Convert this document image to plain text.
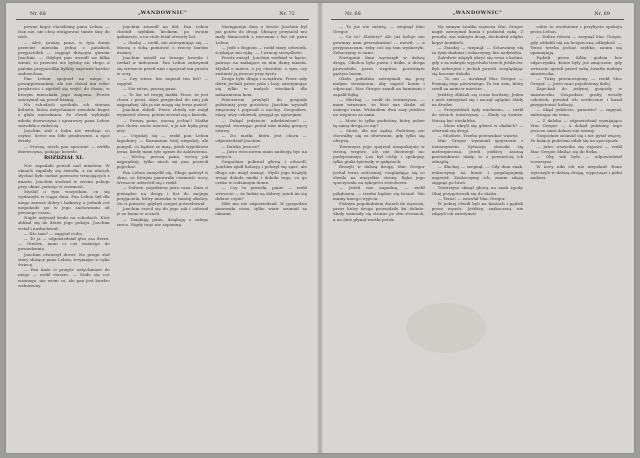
Nr. 68	„WANDOWNIC"	Nr. 72

pewne kupić chcieliśmy panu Lebon. — Dan nie, nie chcę wstępować tamte śmy do nich.

— Ależ, proszę pana, w tym domu przecież mieszka jedna z pańskich przyjaciółek — ciągnął drżącym głosem Joachim. — Gdybyś pan wszedł na kilka minut, to przecież nie byłoby nic złego, a pańska przyjaciółka byłaby zapewne bardzo zadowolona.

Pan Lebon spojrzał na niego z powątpiewaniem, ale nie chciał mu robić przykrości i zgodził się wejść do domu, w którym mieszkała jego znajoma. Powóz zatrzymał się przed bramą.

Na schodach spotkała ich starsza kobieta, która natychmiast zawołała kogoś z głębi mieszkania. Po chwili wybiegła młoda dziewczyna i ujrzawszy pana Lebon zawołała z radością.

Joachim stał z boku nie wiedząc co czynić. Serce mu biło gwałtownie, a ręce drżały.

— Proszę, niech pan spocznie — rzekła dziewczyna, podając krzesło.

ROZDZIAŁ XI.

Noc zapadała powoli nad miastem. W oknach zapalały się światła, a na ulicach słychać było turkot powozów wracających z miasta. Joachim siedział w swoim pokoju przy oknie, patrząc w ciemność.

Myślał o tym wszystkim, co się wydarzyło w ciągu dnia. Pan Lebon był dla niego zawsze dobry i łaskawy, a jednak coś niepokoiło go w jego zachowaniu od pewnego czasu.

Nagle usłyszał kroki na schodach. Ktoś zbliżał się do drzwi jego pokoju. Joachim wstał i nasłuchiwał.

— Kto tam? — zapytał cicho.

— To ja — odpowiedział głos zza drzwi. — Otwórz, mam ci coś ważnego do powiedzenia.

Joachim otworzył drzwi. Na progu stał stary służący pana Lebon, trzymając w ręku świecę.

— Pan każe ci przyjść natychmiast do niego — rzekł starzec. — Stało się coś ważnego, nie wiem co, ale pan jest bardzo wzburzony.

Joachim zeszedł na dół. Pan Lebon chodził szybkim krokiem po swoim gabinecie, a na stole leżał otwarty list.

— Siadaj — rzekł, nie zatrzymując się. — Muszę z tobą pomówić o rzeczy bardzo ważnej.

Joachim usiadł na brzegu krzesła i czekał w milczeniu. Pan Lebon zatrzymał się wreszcie przed nim i spojrzał mu prosto w oczy.

— Czy wiesz, kto napisał ten list? — zapytał.

— Nie wiem, proszę pana.

— To list od twojej matki. Pisze, że jest chora i prosi, abyś przyjechał do niej jak najprędzej. Ale ja nie mogę cię teraz puścić.

Joachim zbladł. Przez chwilę nie mógł wymówić słowa, potem zerwał się z krzesła.

— Proszę pana, muszę jechać! Matka jest chora, może umrzeć, a ja nie będę przy niej!

— Uspokój się — rzekł pan Lebon łagodniej. — Rozumiem twój niepokój, ale pomyśl, co będzie ze mną, jeżeli wyjedziesz teraz, kiedy mam tyle spraw do załatwienia.

— Wrócę, proszę pana, wrócę jak najprędzej, tylko niech mi pan pozwoli pojechać.

Pan Lebon zamyślił się. Długo patrzył w okno, za którym panowała ciemność nocy. Wreszcie odwrócił się i rzekł:

— Dobrze, pojedziesz jutro rano. Dam ci pieniądze na drogę i list do mojego przyjaciela, który mieszka w tamtej okolicy. On ci pomoże, gdybyś czegoś potrzebował.

Joachim rzucił się do jego rąk i całował je ze łzami w oczach.

— Dziękuję panu, dziękuję z całego serca. Nigdy tego nie zapomnę.

Następnego dnia o świcie Joachim był już gotów do drogi. Służący przyniósł mu mały tłumoczek z rzeczami i list od pana Lebon.

— Jedź z Bogiem — rzekł stary człowiek, ściskając mu rękę. — I wracaj szczęśliwie.

Powóz ruszył. Joachim siedział w kącie, patrząc na znikające za nim domy miasta. Myślał o matce, o jej chorobie, o tym, czy zastanie ją jeszcze przy życiu.

Droga była długa i uciążliwa. Przez cały dzień jechali przez pola i lasy, zatrzymując się tylko w małych wioskach dla nakarmienia koni.

Wieczorem przybyli do gospody położonej przy gościńcu. Joachim wysiadł zmęczony i poprosił o nocleg. Gospodarz, stary, siwy człowiek, przyjął go uprzejmie.

— Dokąd jedziecie, młodzieńcze? — zapytał, stawiając przed nim miskę gorącej strawy.

— Do matki, która jest chora — odpowiedział Joachim.

— Daleko jeszcze?

— Jutro wieczorem mam nadzieję być na miejscu.

Gospodarz pokiwał głową i odszedł. Joachim zjadł kolację i położył się spać, ale długo nie mógł zasnąć. Myśli jego krążyły wciąż dokoła matki i dokoła tego, co go czeka w rodzinnym domu.

— Czy to prawda, panie — rzekł wreszcie — że ludzie są dobrzy, jeżeli im się dobrze czyni?

Nikt mu nie odpowiedział. W gospodzie panowała cisza, tylko wiatr szumiał za oknami.

Nr. 68	„WANDOWNIC"	Nr. 69

— To już nie mówię, — szepnął Mac Gregor.

— Co to? Slattery? Ale już koleje nie powinny nam przeszkadzać — mówił, — a przypuszczam, żeby coś się tam wydarzyło. Zobaczymy to sami.

Następnie dnia wyruszyli w dalszą drogę. Okolica była pusta i dzika, a droga prowadziła przez wzgórza porośnięte gęstym lasem.

Około południa zatrzymali się przy małym strumieniu, aby napoić konie i odpocząć. Mac Gregor usiadł na kamieniu i zapalił fajkę.

— Słuchaj, — rzekł do towarzysza, — mam wrażenie, że ktoś nas śledzi od samego rana. Widziałem dwa razy jeźdźca na wzgórzu za nami.

— Może to tylko podróżny, który jedzie tą samą drogą co my?

— Może, ale nie sądzę. Podróżny nie chowałby się za drzewami, gdy tylko się obejrzę.

Towarzysz jego spojrzał niespokojnie w stronę wzgórz, ale nie dostrzegł nic podejrzanego. Las był cichy i spokojny, tylko ptaki śpiewały w gałęziach.

Ruszyli w dalszą drogę. Mac Gregor jechał teraz ostrożniej, rozglądając się co chwila na wszystkie strony. Ręka jego spoczywała na rękojeści rewolweru.

— Jeżeli nas napadną, — rzekł półgłosem, — trzeba będzie się bronić. Nie mamy innego wyjścia.

Późnym popołudniem dotarli do wąwozu, przez który droga prowadziła ku dolinie. Skały wznosiły się stromo po obu stronach, a na dnie płynął wartki potok.

Na samym środku wąwozu Mac Gregor nagle zatrzymał konia i podniósł rękę. Z przodu, zza zakrętu drogi, dochodził odgłos kopyt końskich.

— Zsiadaj — szepnął. — Schowamy się za tymi skałami i zobaczymy, kto nadjeżdża.

Zaledwie zdążyli ukryć się wraz z końmi, gdy z za zakrętu wyjechało trzech jeźdźców. Byli uzbrojeni i jechali powoli, rozglądając się bacznie dokoła.

— To oni — mruknął Mac Gregor. — Poznaję tego pierwszego. To ten sam, który szedł za nami w mieście.

Jeźdźcy zbliżali się coraz bardziej. Jeden z nich zatrzymał się i zaczął oglądać ślady na drodze.

— Przejeżdżali tędy niedawno, — rzekł do swoich towarzyszy. — Ślady są świeże. Muszą być niedaleko.

— Może ukryli się gdzieś w skałach? — odezwał się drugi.

— Możliwe. Trzeba przeszukać wąwóz.

Mac Gregor wymienił spojrzenie z towarzyszem. Sytuacja stawała się niebezpieczna. Jeżeli jeźdźcy zaczną przeszukiwać skały, to z pewnością ich odnajdą.

— Słuchaj — szepnął. — Gdy dam znak, wskoczymy na konie i pogalopujemy naprzód. Zaskoczymy ich, zanim zdążą sięgnąć po broń.

Towarzysz skinął głową na znak zgody. Obaj przygotowali się do skoku.

— Teraz! — zawołał Mac Gregor.

W jednej chwili byli na koniach i pędzili przez wąwóz. Jeźdźcy, zaskoczeni, nie zdążyli ich zatrzymać.

sobie to zwolnienie i przybycie spokoju przez Lebon.

— Dobra robota — szepnął Mac Gregor, gdy oddalili się na bezpieczną odległość. — Teraz trzeba jechać szybko, zanim się opamiętają.

Pędzili przez kilka godzin bez odpoczynku. Konie były już zmęczone, gdy wreszcie ujrzeli przed sobą światła małego miasteczka.

— Tutaj przenocujemy — rzekł Mac Gregor. — Jutro rano pojedziemy dalej.

Zajechali do jedynej gospody w miasteczku. Gospodarz, gruby, wesoły człowiek, powitał ich serdecznie i kazał przygotować kolację.

— Skąd jedziecie, panowie? — zapytał, nalewając im wina.

— Z daleka — odpowiedział wymijająco Mac Gregor. — A dokąd jedziemy, tego jeszcze sami dobrze nie wiemy.

Gospodarz zaśmiał się i nie pytał więcej. Po kolacji podróżni udali się na spoczynek.

— Jutro wszystko się wyjaśni — rzekł Mac Gregor, kładąc się do łóżka.

— Oby tak było — odpowiedział towarzysz.

W nocy nikt ich nie niepokoił. Rano wyruszyli w dalszą drogę, wypoczęci i pełni nadziei.
